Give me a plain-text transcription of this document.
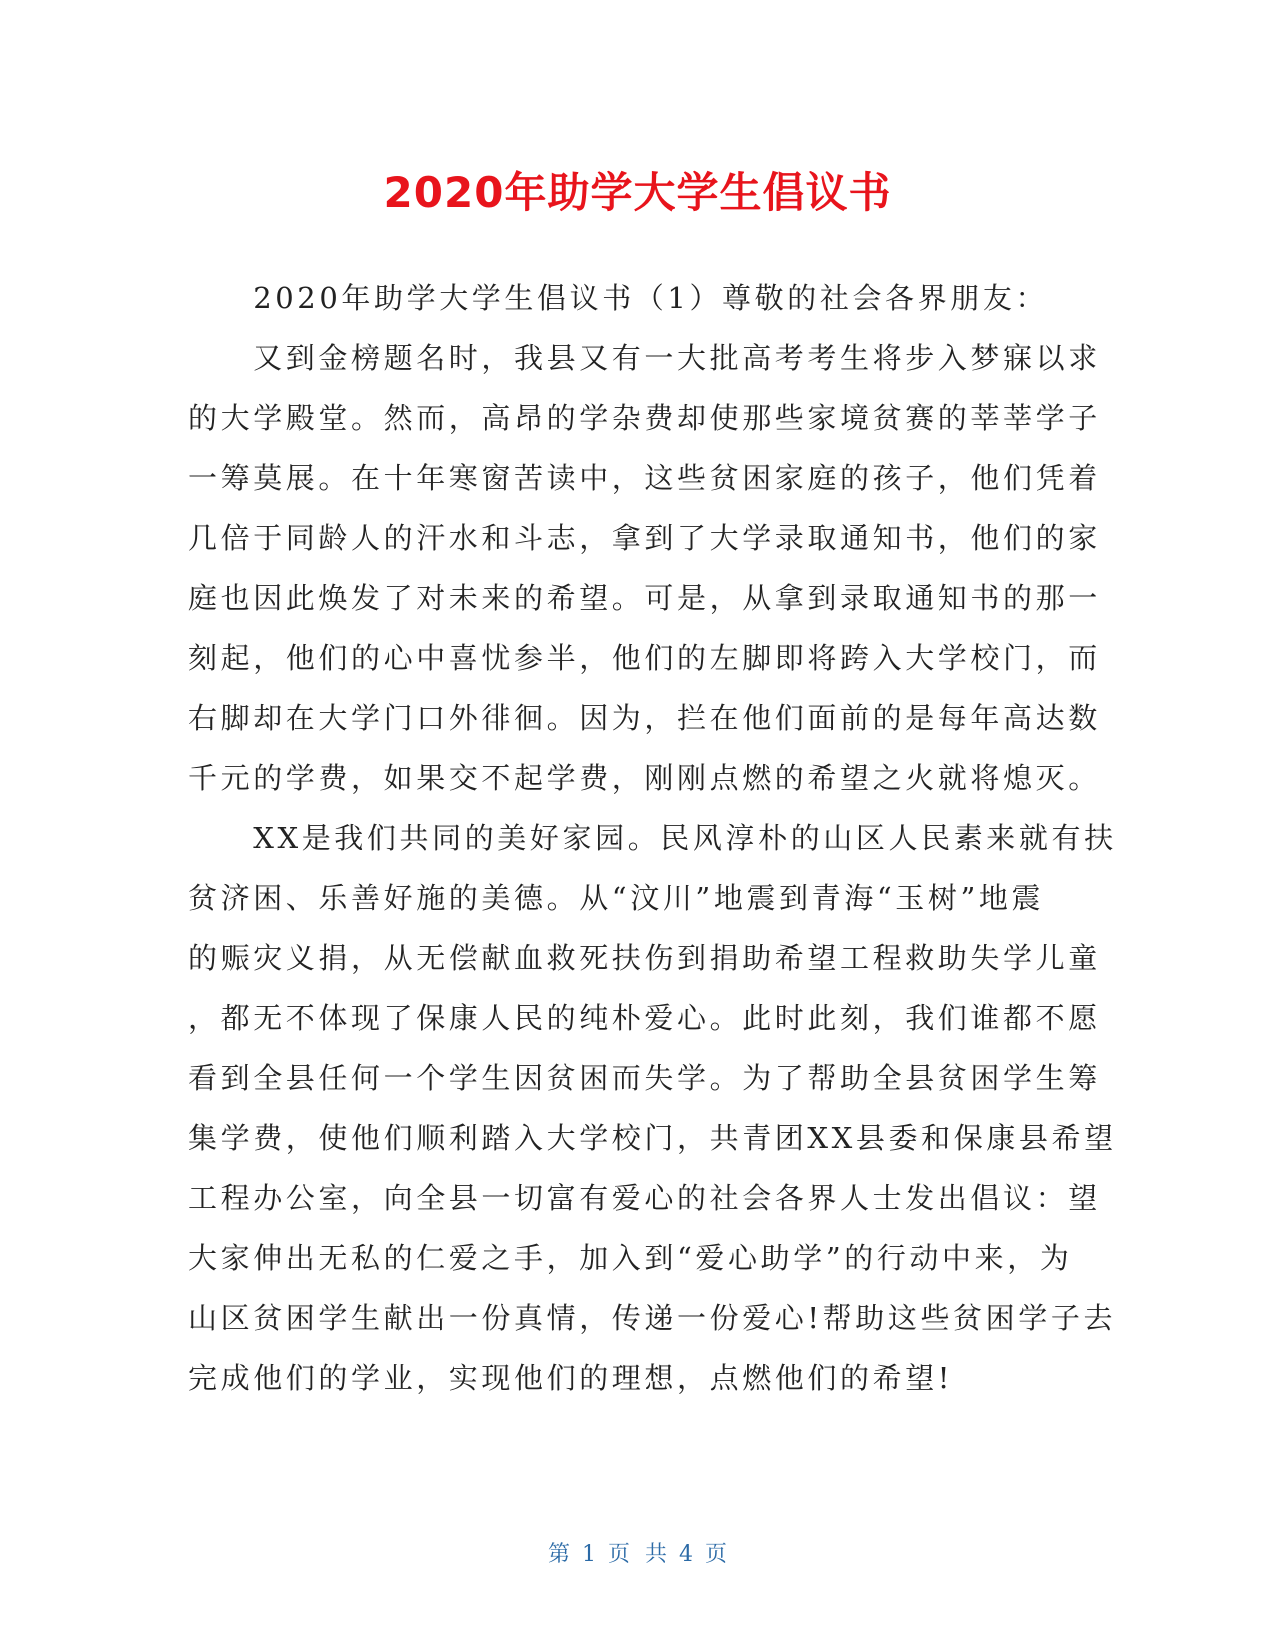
2020年助学大学生倡议书
　　2020年助学大学生倡议书（1）尊敬的社会各界朋友：
　　又到金榜题名时，我县又有一大批高考考生将步入梦寐以求
的大学殿堂。然而，高昂的学杂费却使那些家境贫赛的莘莘学子
一筹莫展。在十年寒窗苦读中，这些贫困家庭的孩子，他们凭着
几倍于同龄人的汗水和斗志，拿到了大学录取通知书，他们的家
庭也因此焕发了对未来的希望。可是，从拿到录取通知书的那一
刻起，他们的心中喜忧参半，他们的左脚即将跨入大学校门，而
右脚却在大学门口外徘徊。因为，拦在他们面前的是每年高达数
千元的学费，如果交不起学费，刚刚点燃的希望之火就将熄灭。
　　XX是我们共同的美好家园。民风淳朴的山区人民素来就有扶
贫济困、乐善好施的美德。从“汶川”地震到青海“玉树”地震
的赈灾义捐，从无偿献血救死扶伤到捐助希望工程救助失学儿童
，都无不体现了保康人民的纯朴爱心。此时此刻，我们谁都不愿
看到全县任何一个学生因贫困而失学。为了帮助全县贫困学生筹
集学费，使他们顺利踏入大学校门，共青团XX县委和保康县希望
工程办公室，向全县一切富有爱心的社会各界人士发出倡议：望
大家伸出无私的仁爱之手，加入到“爱心助学”的行动中来，为
山区贫困学生献出一份真情，传递一份爱心!帮助这些贫困学子去
完成他们的学业，实现他们的理想，点燃他们的希望!
第 1 页 共 4 页
